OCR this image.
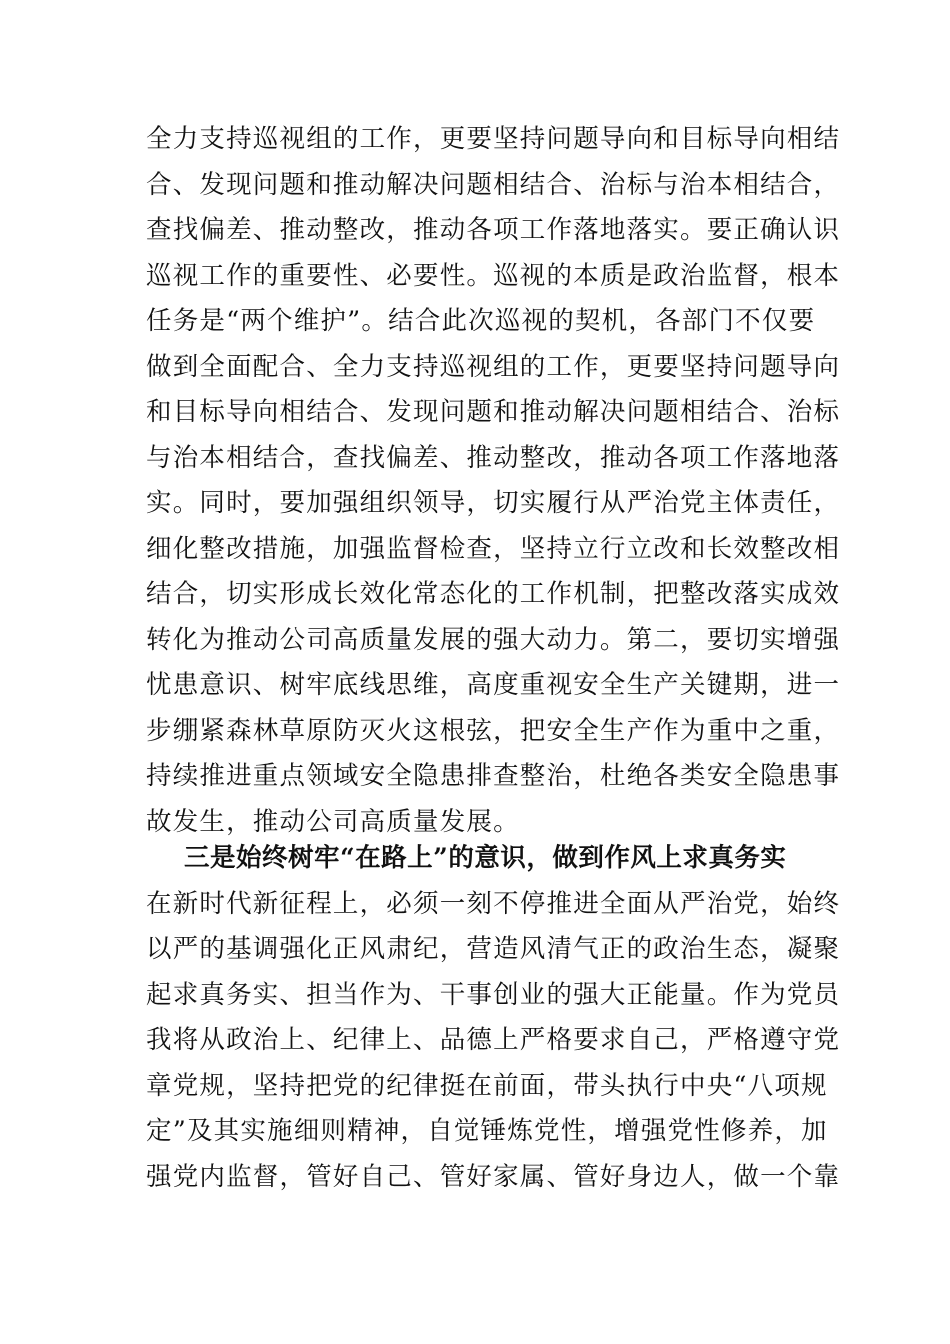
全力支持巡视组的工作，更要坚持问题导向和目标导向相结
合、发现问题和推动解决问题相结合、治标与治本相结合，
查找偏差、推动整改，推动各项工作落地落实。要正确认识
巡视工作的重要性、必要性。巡视的本质是政治监督，根本
任务是“两个维护”。结合此次巡视的契机，各部门不仅要
做到全面配合、全力支持巡视组的工作，更要坚持问题导向
和目标导向相结合、发现问题和推动解决问题相结合、治标
与治本相结合，查找偏差、推动整改，推动各项工作落地落
实。同时，要加强组织领导，切实履行从严治党主体责任，
细化整改措施，加强监督检查，坚持立行立改和长效整改相
结合，切实形成长效化常态化的工作机制，把整改落实成效
转化为推动公司高质量发展的强大动力。第二，要切实增强
忧患意识、树牢底线思维，高度重视安全生产关键期，进一
步绷紧森林草原防灭火这根弦，把安全生产作为重中之重，
持续推进重点领域安全隐患排查整治，杜绝各类安全隐患事
故发生，推动公司高质量发展。
三是始终树牢“在路上”的意识，做到作风上求真务实
在新时代新征程上，必须一刻不停推进全面从严治党，始终
以严的基调强化正风肃纪，营造风清气正的政治生态，凝聚
起求真务实、担当作为、干事创业的强大正能量。作为党员
我将从政治上、纪律上、品德上严格要求自己，严格遵守党
章党规，坚持把党的纪律挺在前面，带头执行中央“八项规
定”及其实施细则精神，自觉锤炼党性，增强党性修养，加
强党内监督，管好自己、管好家属、管好身边人，做一个靠
